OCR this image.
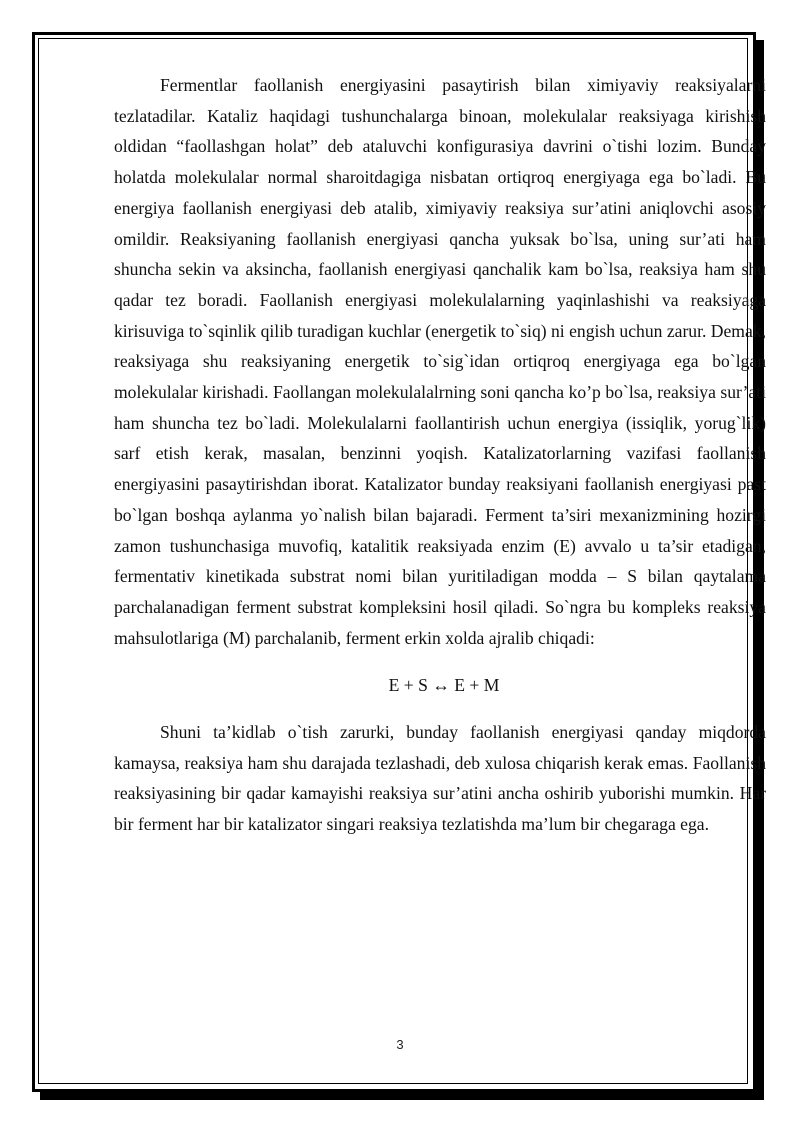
Fermentlar faollanish energiyasini pasaytirish bilan ximiyaviy reaksiyalarni tezlatadilar. Kataliz haqidagi tushunchalarga binoan, molekulalar reaksiyaga kirishish oldidan “faollashgan holat” deb ataluvchi konfigurasiya davrini o`tishi lozim. Bunday holatda molekulalar normal sharoitdagiga nisbatan ortiqroq energiyaga ega bo`ladi. Bu energiya faollanish energiyasi deb atalib, ximiyaviy reaksiya sur’atini aniqlovchi asosiy omildir. Reaksiyaning faollanish energiyasi qancha yuksak bo`lsa, uning sur’ati ham shuncha sekin va aksincha, faollanish energiyasi qanchalik kam bo`lsa, reaksiya ham shu qadar tez boradi. Faollanish energiyasi molekulalarning yaqinlashishi va reaksiyaga kirisuviga to`sqinlik qilib turadigan kuchlar (energetik to`siq) ni engish uchun zarur. Demak, reaksiyaga shu reaksiyaning energetik to`sig`idan ortiqroq energiyaga ega bo`lgan molekulalar kirishadi. Faollangan molekulalalrning soni qancha ko’p bo`lsa, reaksiya sur’ati ham shuncha tez bo`ladi. Molekulalarni faollantirish uchun energiya (issiqlik, yorug`lik) sarf etish kerak, masalan, benzinni yoqish. Katalizatorlarning vazifasi faollanish energiyasini pasaytirishdan iborat. Katalizator bunday reaksiyani faollanish energiyasi past bo`lgan boshqa aylanma yo`nalish bilan bajaradi. Ferment ta’siri mexanizmining hozirgi zamon tushunchasiga muvofiq, katalitik reaksiyada enzim (E) avvalo u ta’sir etadigan, fermentativ kinetikada substrat nomi bilan yuritiladigan modda – S bilan qaytalama parchalanadigan ferment substrat kompleksini hosil qiladi. So`ngra bu kompleks reaksiya mahsulotlariga (M) parchalanib, ferment erkin xolda ajralib chiqadi:

E + S ↔ E + M

Shuni ta’kidlab o`tish zarurki, bunday faollanish energiyasi qanday miqdorda kamaysa, reaksiya ham shu darajada tezlashadi, deb xulosa chiqarish kerak emas. Faollanish reaksiyasining bir qadar kamayishi reaksiya sur’atini ancha oshirib yuborishi mumkin. Har bir ferment har bir katalizator singari reaksiya tezlatishda ma’lum bir chegaraga ega.

3
